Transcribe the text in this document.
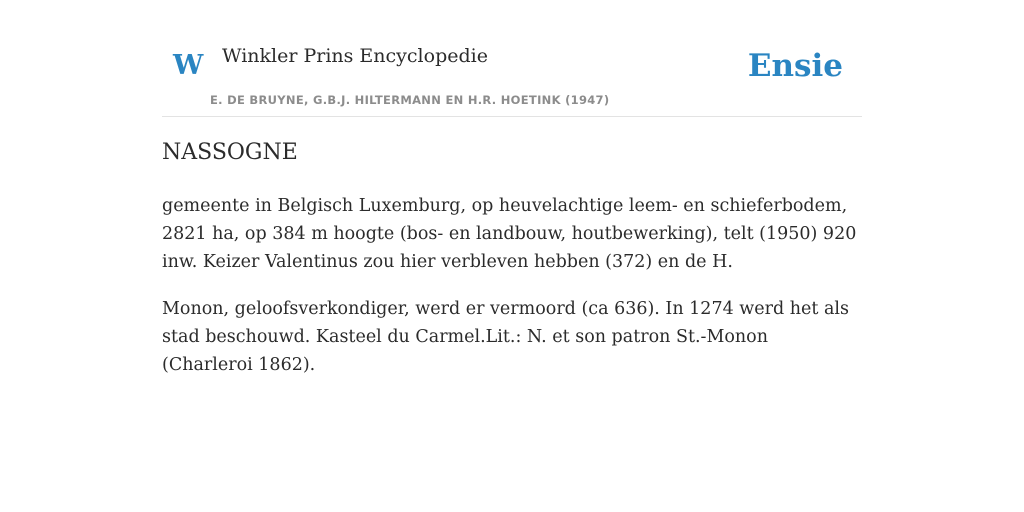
W Winkler Prins Encyclopedie
E. DE BRUYNE, G.B.J. HILTERMANN EN H.R. HOETINK (1947)
Ensie
NASSOGNE

gemeente in Belgisch Luxemburg, op heuvelachtige leem- en schieferbodem, 2821 ha, op 384 m hoogte (bos- en landbouw, houtbewerking), telt (1950) 920 inw. Keizer Valentinus zou hier verbleven hebben (372) en de H.

Monon, geloofsverkondiger, werd er vermoord (ca 636). In 1274 werd het als stad beschouwd. Kasteel du Carmel.Lit.: N. et son patron St.-Monon (Charleroi 1862).
